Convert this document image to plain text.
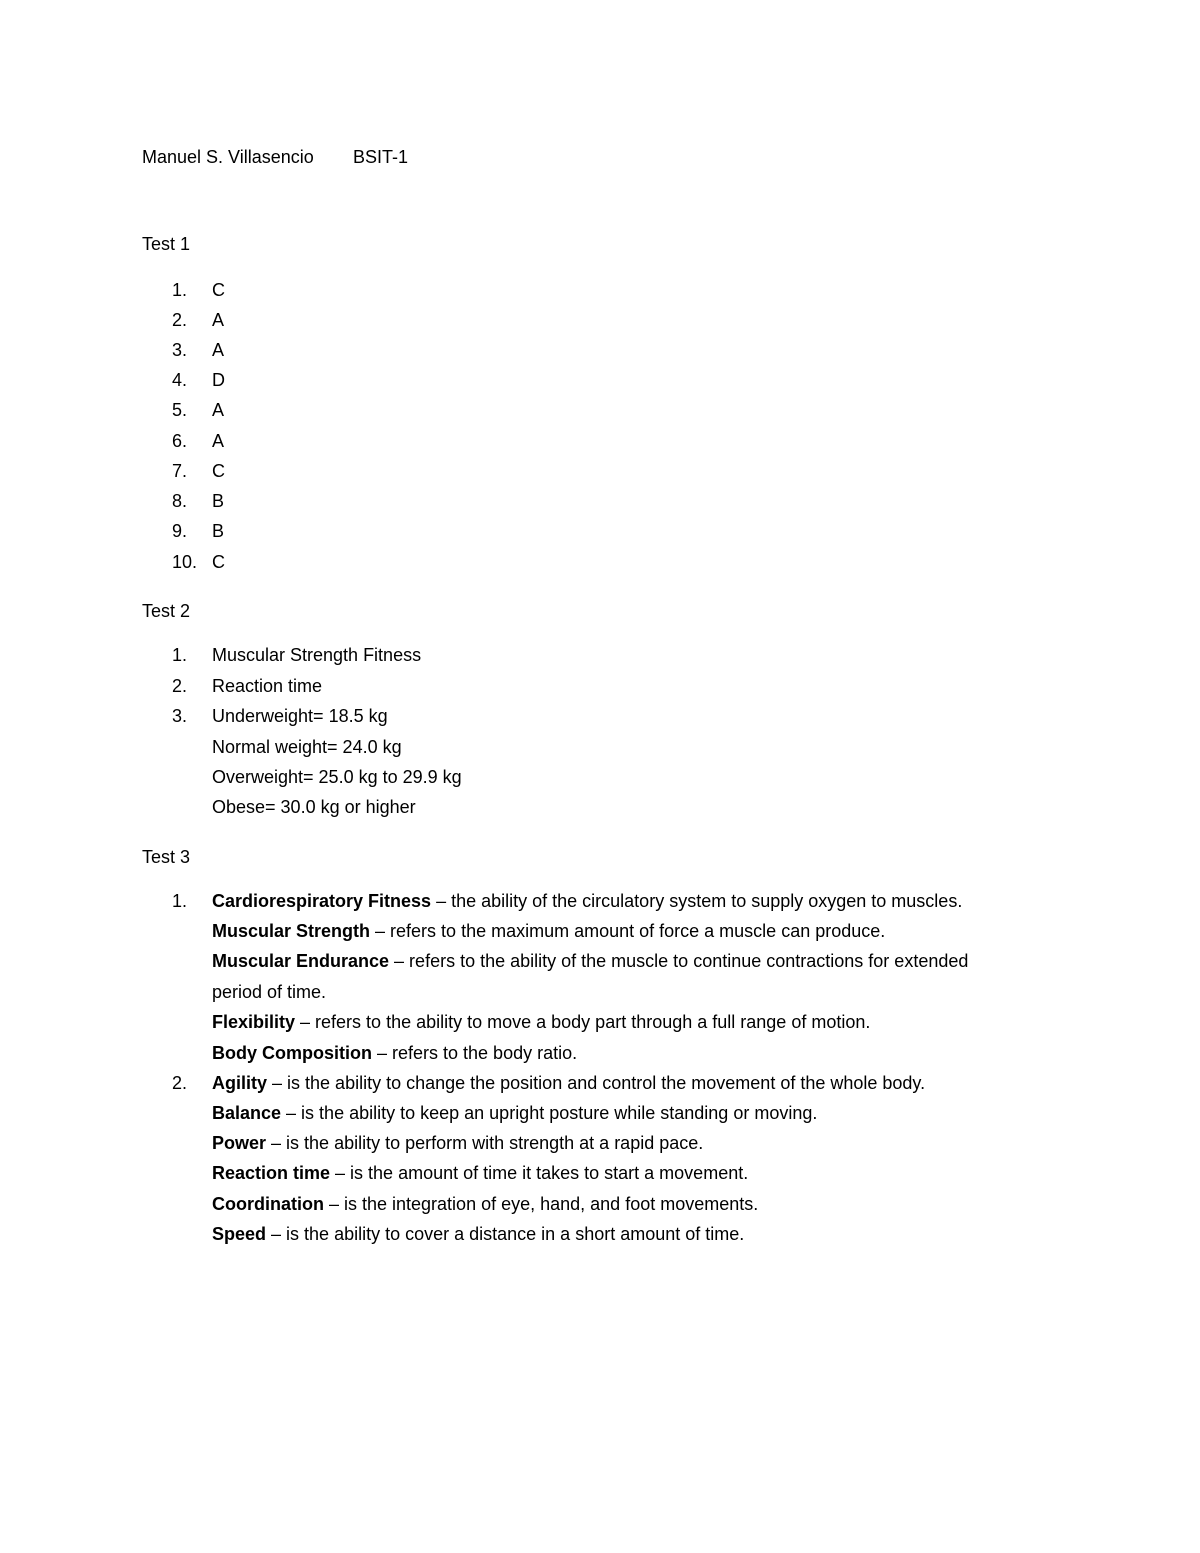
Manuel S. Villasencio BSIT-1
Test 1
1.	C
2.	A
3.	A
4.	D
5.	A
6.	A
7.	C
8.	B
9.	B
10. C
Test 2
1.	Muscular Strength Fitness
2.	Reaction time
3.	Underweight= 18.5 kg
Normal weight= 24.0 kg
Overweight= 25.0 kg to 29.9 kg
Obese= 30.0 kg or higher
Test 3
1.	Cardiorespiratory Fitness – the ability of the circulatory system to supply oxygen to muscles.
Muscular Strength – refers to the maximum amount of force a muscle can produce.
Muscular Endurance – refers to the ability of the muscle to continue contractions for extended
period of time.
Flexibility – refers to the ability to move a body part through a full range of motion.
Body Composition – refers to the body ratio.
2.	Agility – is the ability to change the position and control the movement of the whole body.
Balance – is the ability to keep an upright posture while standing or moving.
Power – is the ability to perform with strength at a rapid pace.
Reaction time – is the amount of time it takes to start a movement.
Coordination – is the integration of eye, hand, and foot movements.
Speed – is the ability to cover a distance in a short amount of time.
